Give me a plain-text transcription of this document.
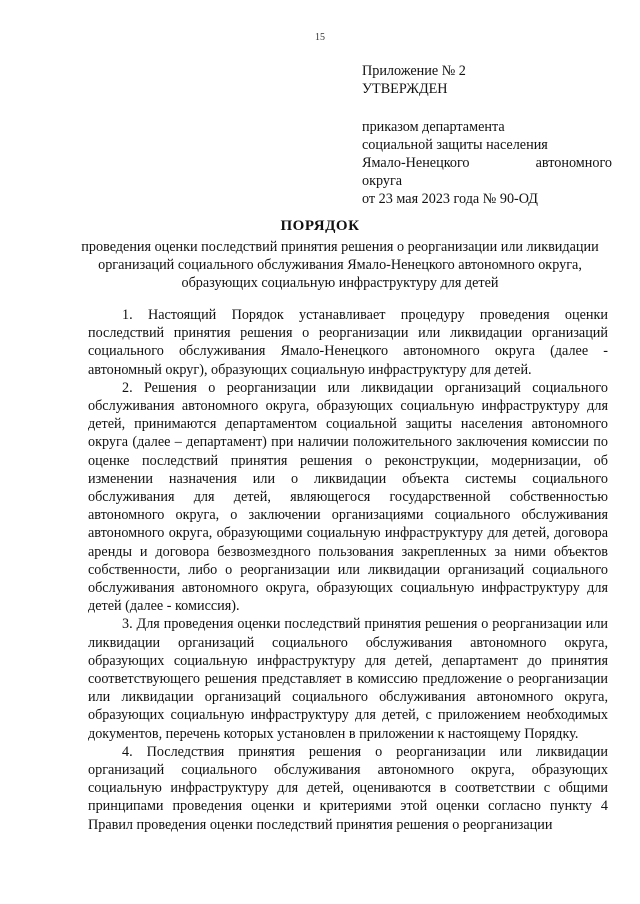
15
Приложение № 2
УТВЕРЖДЕН
приказом департамента
социальной защиты населения
Ямало-Ненецкого	автономного
округа
от 23 мая 2023 года № 90-ОД
ПОРЯДОК
проведения оценки последствий принятия решения о реорганизации или ликвидации организаций социального обслуживания Ямало-Ненецкого автономного округа, образующих социальную инфраструктуру для детей

1. Настоящий Порядок устанавливает процедуру проведения оценки последствий принятия решения о реорганизации или ликвидации организаций социального обслуживания Ямало-Ненецкого автономного округа (далее - автономный округ), образующих социальную инфраструктуру для детей.

2. Решения о реорганизации или ликвидации организаций социального обслуживания автономного округа, образующих социальную инфраструктуру для детей, принимаются департаментом социальной защиты населения автономного округа (далее – департамент) при наличии положительного заключения комиссии по оценке последствий принятия решения о реконструкции, модернизации, об изменении назначения или о ликвидации объекта системы социального обслуживания для детей, являющегося государственной собственностью автономного округа, о заключении организациями социального обслуживания автономного округа, образующими социальную инфраструктуру для детей, договора аренды и договора безвозмездного пользования закрепленных за ними объектов собственности, либо о реорганизации или ликвидации организаций социального обслуживания автономного округа, образующих социальную инфраструктуру для детей (далее - комиссия).

3. Для проведения оценки последствий принятия решения о реорганизации или ликвидации организаций социального обслуживания автономного округа, образующих социальную инфраструктуру для детей, департамент до принятия соответствующего решения представляет в комиссию предложение о реорганизации или ликвидации организаций социального обслуживания автономного округа, образующих социальную инфраструктуру для детей, с приложением необходимых документов, перечень которых установлен в приложении к настоящему Порядку.

4. Последствия принятия решения о реорганизации или ликвидации организаций социального обслуживания автономного округа, образующих социальную инфраструктуру для детей, оцениваются в соответствии с общими принципами проведения оценки и критериями этой оценки согласно пункту 4 Правил проведения оценки последствий принятия решения о реорганизации
